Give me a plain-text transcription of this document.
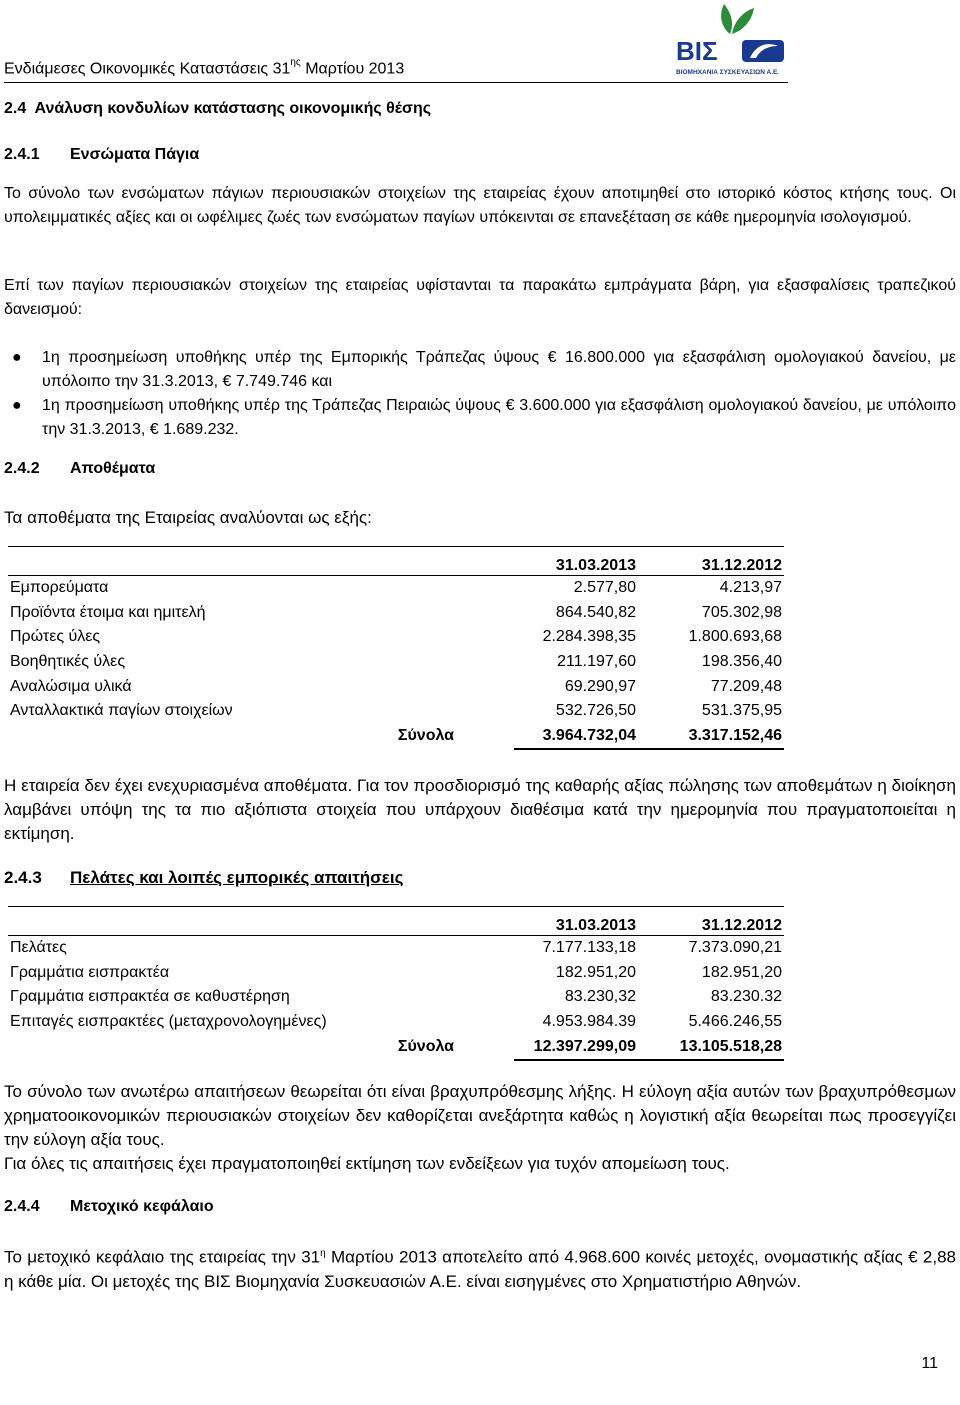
Ενδιάμεσες Οικονομικές Καταστάσεις $31^{\eta\varsigma}$ Μαρτίου 2013
ΒΙΣ
ΒΙΟΜΗΧΑΝΙΑ ΣΥΣΚΕΥΑΣΙΩΝ Α.Ε.
2.4 Ανάλυση κονδυλίων κατάστασης οικονομικής θέσης
2.4.1 Ενσώματα Πάγια

Το σύνολο των ενσώματων πάγιων περιουσιακών στοιχείων της εταιρείας έχουν αποτιμηθεί στο ιστορικό κόστος κτήσης τους. Οι υπολειμματικές αξίες και οι ωφέλιμες ζωές των ενσώματων παγίων υπόκεινται σε επανεξέταση σε κάθε ημερομηνία ισολογισμού.

Επί των παγίων περιουσιακών στοιχείων της εταιρείας υφίστανται τα παρακάτω εμπράγματα βάρη, για εξασφαλίσεις τραπεζικού δανεισμού:

● 1η προσημείωση υποθήκης υπέρ της Εμπορικής Τράπεζας ύψους € 16.800.000 για εξασφάλιση ομολογιακού δανείου, με υπόλοιπο την 31.3.2013, € 7.749.746 και
● 1η προσημείωση υποθήκης υπέρ της Τράπεζας Πειραιώς ύψους € 3.600.000 για εξασφάλιση ομολογιακού δανείου, με υπόλοιπο την 31.3.2013, € 1.689.232.
2.4.2 Αποθέματα

Τα αποθέματα της Εταιρείας αναλύονται ως εξής:

	31.03.2013	31.12.2012
Εμπορεύματα	2.577,80	4.213,97
Προϊόντα έτοιμα και ημιτελή	864.540,82	705.302,98
Πρώτες ύλες	2.284.398,35	1.800.693,68
Βοηθητικές ύλες	211.197,60	198.356,40
Αναλώσιμα υλικά	69.290,97	77.209,48
Ανταλλακτικά παγίων στοιχείων	532.726,50	531.375,95
Σύνολα	3.964.732,04	3.317.152,46

Η εταιρεία δεν έχει ενεχυριασμένα αποθέματα. Για τον προσδιορισμό της καθαρής αξίας πώλησης των αποθεμάτων η διοίκηση λαμβάνει υπόψη της τα πιο αξιόπιστα στοιχεία που υπάρχουν διαθέσιμα κατά την ημερομηνία που πραγματοποιείται η εκτίμηση.

2.4.3 Πελάτες και λοιπές εμπορικές απαιτήσεις
	31.03.2013	31.12.2012
Πελάτες	7.177.133,18	7.373.090,21
Γραμμάτια εισπρακτέα	182.951,20	182.951,20
Γραμμάτια εισπρακτέα σε καθυστέρηση	83.230,32	83.230.32
Επιταγές εισπρακτέες (μεταχρονολογημένες)	4.953.984.39	5.466.246,55
Σύνολα	12.397.299,09	13.105.518,28

Το σύνολο των ανωτέρω απαιτήσεων θεωρείται ότι είναι βραχυπρόθεσμης λήξης. Η εύλογη αξία αυτών των βραχυπρόθεσμων χρηματοοικονομικών περιουσιακών στοιχείων δεν καθορίζεται ανεξάρτητα καθώς η λογιστική αξία θεωρείται πως προσεγγίζει την εύλογη αξία τους.

Για όλες τις απαιτήσεις έχει πραγματοποιηθεί εκτίμηση των ενδείξεων για τυχόν απομείωση τους.

2.4.4 Μετοχικό κεφάλαιο

Το μετοχικό κεφάλαιο της εταιρείας την $31^\eta$ Μαρτίου 2013 αποτελείτο από 4.968.600 κοινές μετοχές, ονομαστικής αξίας € 2,88 η κάθε μία. Οι μετοχές της ΒΙΣ Βιομηχανία Συσκευασιών Α.Ε. είναι εισηγμένες στο Χρηματιστήριο Αθηνών.

11
